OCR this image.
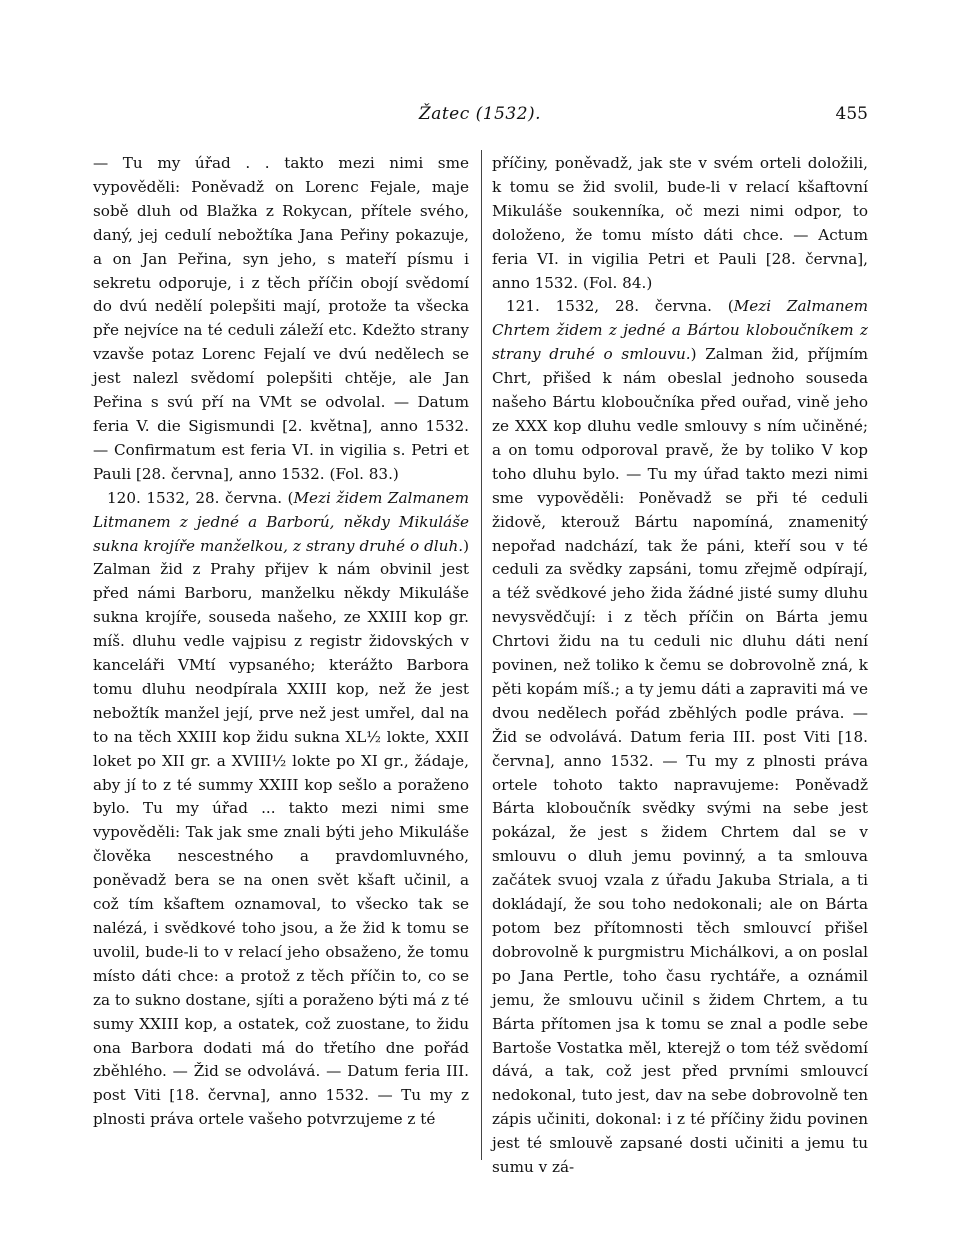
Žatec (1532).	455

— Tu my úřad . . takto mezi nimi sme vypověděli: Poněvadž on Lorenc Fejale, maje sobě dluh od Blažka z Rokycan, přítele svého, daný, jej cedulí nebožtíka Jana Peřiny pokazuje, a on Jan Peřina, syn jeho, s mateří písmu i sekretu odporuje, i z těch příčin obojí svědomí do dvú nedělí polepšiti mají, protože ta všecka pře nejvíce na té ceduli záleží etc. Kdežto strany vzavše potaz Lorenc Fejalí ve dvú nedělech se jest nalezl svědomí polepšiti chtěje, ale Jan Peřina s svú pří na VMt se odvolal. — Datum feria V. die Sigismundi [2. května], anno 1532. — Confirmatum est feria VI. in vigilia s. Petri et Pauli [28. června], anno 1532. (Fol. 83.)

120. 1532, 28. června. (Mezi židem Zalmanem Litmanem z jedné a Barború, někdy Mikuláše sukna krojíře manželkou, z strany druhé o dluh.) Zalman žid z Prahy přijev k nám obvinil jest před námi Barboru, manželku někdy Mikuláše sukna krojíře, souseda našeho, ze XXIII kop gr. míš. dluhu vedle vajpisu z registr židovských v kanceláři VMtí vypsaného; kterážto Barbora tomu dluhu neodpírala XXIII kop, než že jest nebožtík manžel její, prve než jest umřel, dal na to na těch XXIII kop židu sukna XL½ lokte, XXII loket po XII gr. a XVIII½ lokte po XI gr., žádaje, aby jí to z té summy XXIII kop sešlo a poraženo bylo. Tu my úřad ... takto mezi nimi sme vypověděli: Tak jak sme znali býti jeho Mikuláše člověka nescestného a pravdomluvného, poněvadž bera se na onen svět kšaft učinil, a což tím kšaftem oznamoval, to všecko tak se nalézá, i svědkové toho jsou, a že žid k tomu se uvolil, bude-li to v relací jeho obsaženo, že tomu místo dáti chce: a protož z těch příčin to, co se za to sukno dostane, sjíti a poraženo býti má z té sumy XXIII kop, a ostatek, což zuostane, to židu ona Barbora dodati má do třetího dne pořád zběhlého. — Žid se odvolává. — Datum feria III. post Viti [18. června], anno 1532. — Tu my z plnosti práva ortele vašeho potvrzujeme z té

příčiny, poněvadž, jak ste v svém orteli doložili, k tomu se žid svolil, bude-li v relací kšaftovní Mikuláše soukenníka, oč mezi nimi odpor, to doloženo, že tomu místo dáti chce. — Actum feria VI. in vigilia Petri et Pauli [28. června], anno 1532. (Fol. 84.)

121. 1532, 28. června. (Mezi Zalmanem Chrtem židem z jedné a Bártou kloboučníkem z strany druhé o smlouvu.) Zalman žid, příjmím Chrt, přišed k nám obeslal jednoho souseda našeho Bártu kloboučníka před ouřad, vině jeho ze XXX kop dluhu vedle smlouvy s ním učiněné; a on tomu odporoval pravě, že by toliko V kop toho dluhu bylo. — Tu my úřad takto mezi nimi sme vypověděli: Poněvadž se při té ceduli židově, kterouž Bártu napomíná, znamenitý nepořad nadchází, tak že páni, kteří sou v té ceduli za svědky zapsáni, tomu zřejmě odpírají, a též svědkové jeho žida žádné jisté sumy dluhu nevysvědčují: i z těch příčin on Bárta jemu Chrtovi židu na tu ceduli nic dluhu dáti není povinen, než toliko k čemu se dobrovolně zná, k pěti kopám míš.; a ty jemu dáti a zapraviti má ve dvou nedělech pořád zběhlých podle práva. — Žid se odvolává. Datum feria III. post Viti [18. června], anno 1532. — Tu my z plnosti práva ortele tohoto takto napravujeme: Poněvadž Bárta kloboučník svědky svými na sebe jest pokázal, že jest s židem Chrtem dal se v smlouvu o dluh jemu povinný, a ta smlouva začátek svuoj vzala z úřadu Jakuba Striala, a ti dokládají, že sou toho nedokonali; ale on Bárta potom bez přítomnosti těch smlouvcí přišel dobrovolně k purgmistru Michálkovi, a on poslal po Jana Pertle, toho času rychtáře, a oznámil jemu, že smlouvu učinil s židem Chrtem, a tu Bárta přítomen jsa k tomu se znal a podle sebe Bartoše Vostatka měl, kterejž o tom též svědomí dává, a tak, což jest před prvními smlouvcí nedokonal, tuto jest, dav na sebe dobrovolně ten zápis učiniti, dokonal: i z té příčiny židu povinen jest té smlouvě zapsané dosti učiniti a jemu tu sumu v zá-
